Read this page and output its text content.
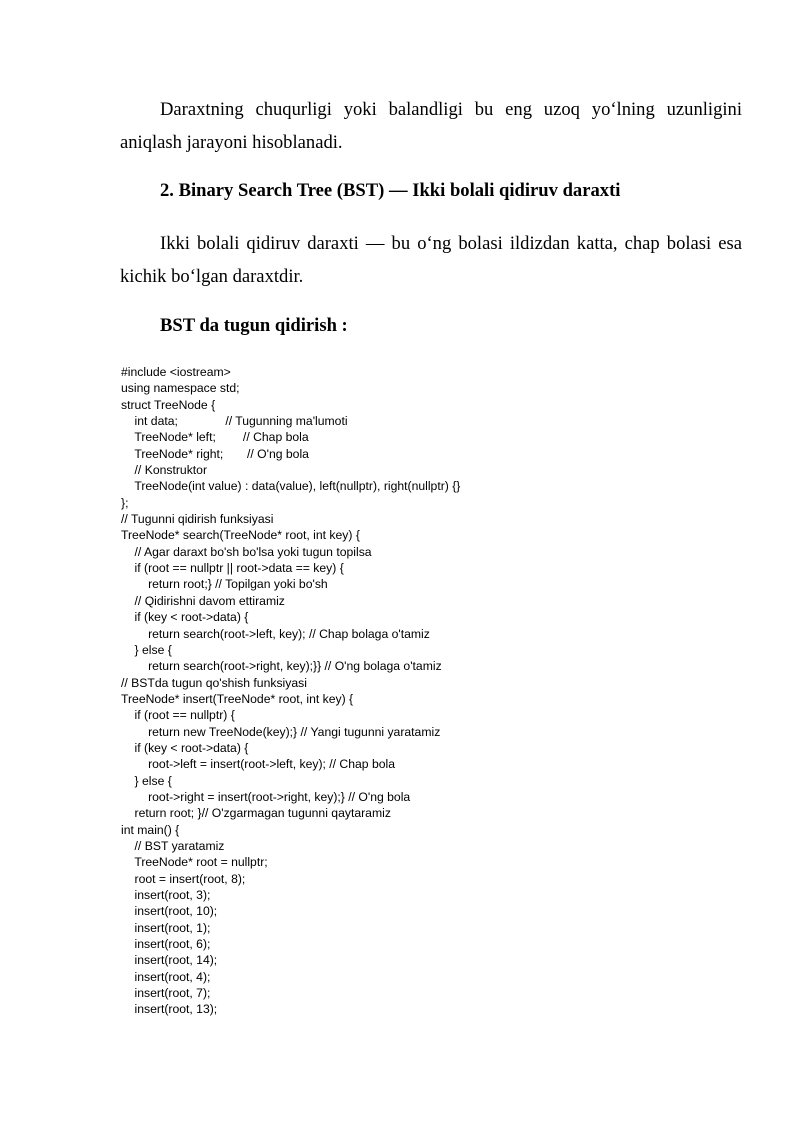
Daraxtning chuqurligi yoki balandligi bu eng uzoq yo‘lning uzunligini aniqlash jarayoni hisoblanadi.

2. Binary Search Tree (BST) — Ikki bolali qidiruv daraxti

Ikki bolali qidiruv daraxti — bu o‘ng bolasi ildizdan katta, chap bolasi esa kichik bo‘lgan daraxtdir.

BST da tugun qidirish :
#include <iostream>
using namespace std;
struct TreeNode {
int data;              // Tugunning ma'lumoti
TreeNode* left;        // Chap bola
TreeNode* right;       // O'ng bola
// Konstruktor
TreeNode(int value) : data(value), left(nullptr), right(nullptr) {}
};
// Tugunni qidirish funksiyasi
TreeNode* search(TreeNode* root, int key) {
// Agar daraxt bo'sh bo'lsa yoki tugun topilsa
if (root == nullptr || root->data == key) {
return root;} // Topilgan yoki bo'sh
// Qidirishni davom ettiramiz
if (key < root->data) {
return search(root->left, key); // Chap bolaga o'tamiz
} else {
return search(root->right, key);}} // O'ng bolaga o'tamiz
// BSTda tugun qo'shish funksiyasi
TreeNode* insert(TreeNode* root, int key) {
if (root == nullptr) {
return new TreeNode(key);} // Yangi tugunni yaratamiz
if (key < root->data) {
root->left = insert(root->left, key); // Chap bola
} else {
root->right = insert(root->right, key);} // O'ng bola
return root; }// O'zgarmagan tugunni qaytaramiz
int main() {
// BST yaratamiz
TreeNode* root = nullptr;
root = insert(root, 8);
insert(root, 3);
insert(root, 10);
insert(root, 1);
insert(root, 6);
insert(root, 14);
insert(root, 4);
insert(root, 7);
insert(root, 13);
